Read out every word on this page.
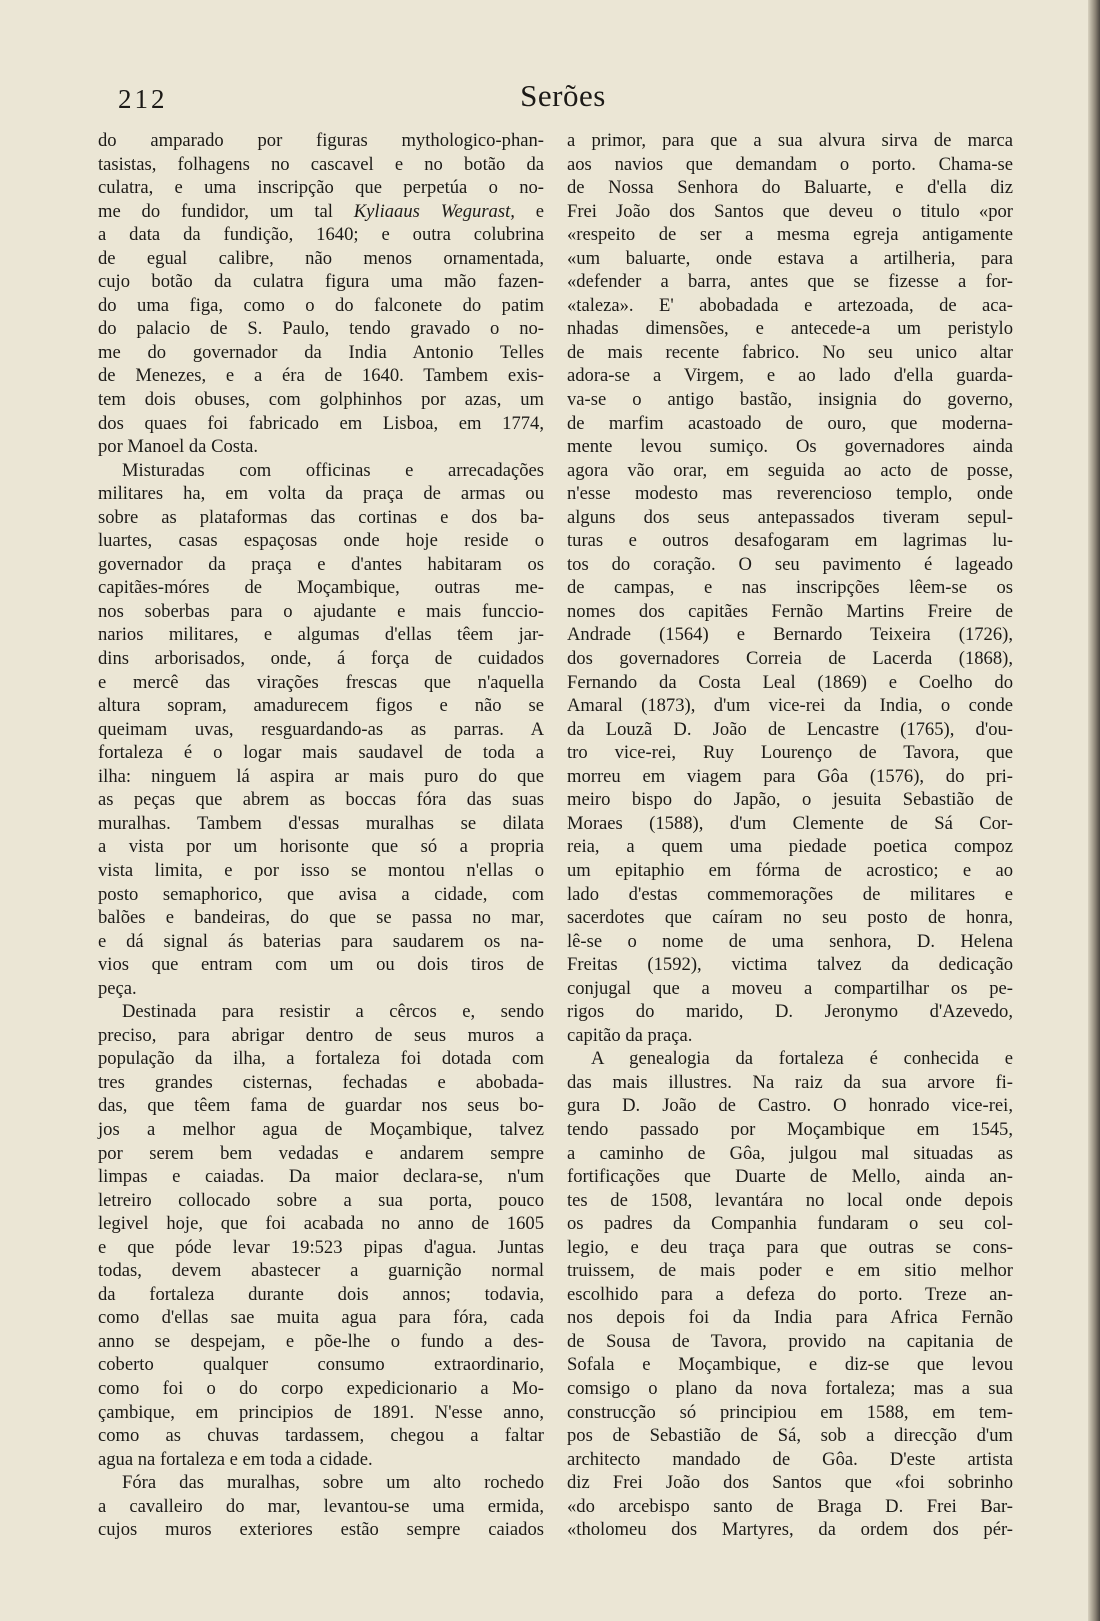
212	Serões
do amparado por figuras mythologico-phan-
tasistas, folhagens no cascavel e no botão da
culatra, e uma inscripção que perpetúa o no-
me do fundidor, um tal Kyliaaus Wegurast, e
a data da fundição, 1640; e outra colubrina
de egual calibre, não menos ornamentada,
cujo botão da culatra figura uma mão fazen-
do uma figa, como o do falconete do patim
do palacio de S. Paulo, tendo gravado o no-
me do governador da India Antonio Telles
de Menezes, e a éra de 1640. Tambem exis-
tem dois obuses, com golphinhos por azas, um
dos quaes foi fabricado em Lisboa, em 1774,
por Manoel da Costa.
Misturadas com officinas e arrecadações
militares ha, em volta da praça de armas ou
sobre as plataformas das cortinas e dos ba-
luartes, casas espaçosas onde hoje reside o
governador da praça e d'antes habitaram os
capitães-móres de Moçambique, outras me-
nos soberbas para o ajudante e mais funccio-
narios militares, e algumas d'ellas têem jar-
dins arborisados, onde, á força de cuidados
e mercê das virações frescas que n'aquella
altura sopram, amadurecem figos e não se
queimam uvas, resguardando-as as parras. A
fortaleza é o logar mais saudavel de toda a
ilha: ninguem lá aspira ar mais puro do que
as peças que abrem as boccas fóra das suas
muralhas. Tambem d'essas muralhas se dilata
a vista por um horisonte que só a propria
vista limita, e por isso se montou n'ellas o
posto semaphorico, que avisa a cidade, com
balões e bandeiras, do que se passa no mar,
e dá signal ás baterias para saudarem os na-
vios que entram com um ou dois tiros de
peça.
Destinada para resistir a cêrcos e, sendo
preciso, para abrigar dentro de seus muros a
população da ilha, a fortaleza foi dotada com
tres grandes cisternas, fechadas e abobada-
das, que têem fama de guardar nos seus bo-
jos a melhor agua de Moçambique, talvez
por serem bem vedadas e andarem sempre
limpas e caiadas. Da maior declara-se, n'um
letreiro collocado sobre a sua porta, pouco
legivel hoje, que foi acabada no anno de 1605
e que póde levar 19:523 pipas d'agua. Juntas
todas, devem abastecer a guarnição normal
da fortaleza durante dois annos; todavia,
como d'ellas sae muita agua para fóra, cada
anno se despejam, e põe-lhe o fundo a des-
coberto qualquer consumo extraordinario,
como foi o do corpo expedicionario a Mo-
çambique, em principios de 1891. N'esse anno,
como as chuvas tardassem, chegou a faltar
agua na fortaleza e em toda a cidade.
Fóra das muralhas, sobre um alto rochedo
a cavalleiro do mar, levantou-se uma ermida,
cujos muros exteriores estão sempre caiados
a primor, para que a sua alvura sirva de marca
aos navios que demandam o porto. Chama-se
de Nossa Senhora do Baluarte, e d'ella diz
Frei João dos Santos que deveu o titulo «por
«respeito de ser a mesma egreja antigamente
«um baluarte, onde estava a artilheria, para
«defender a barra, antes que se fizesse a for-
«taleza». E' abobadada e artezoada, de aca-
nhadas dimensões, e antecede-a um peristylo
de mais recente fabrico. No seu unico altar
adora-se a Virgem, e ao lado d'ella guarda-
va-se o antigo bastão, insignia do governo,
de marfim acastoado de ouro, que moderna-
mente levou sumiço. Os governadores ainda
agora vão orar, em seguida ao acto de posse,
n'esse modesto mas reverencioso templo, onde
alguns dos seus antepassados tiveram sepul-
turas e outros desafogaram em lagrimas lu-
tos do coração. O seu pavimento é lageado
de campas, e nas inscripções lêem-se os
nomes dos capitães Fernão Martins Freire de
Andrade (1564) e Bernardo Teixeira (1726),
dos governadores Correia de Lacerda (1868),
Fernando da Costa Leal (1869) e Coelho do
Amaral (1873), d'um vice-rei da India, o conde
da Louzã D. João de Lencastre (1765), d'ou-
tro vice-rei, Ruy Lourenço de Tavora, que
morreu em viagem para Gôa (1576), do pri-
meiro bispo do Japão, o jesuita Sebastião de
Moraes (1588), d'um Clemente de Sá Cor-
reia, a quem uma piedade poetica compoz
um epitaphio em fórma de acrostico; e ao
lado d'estas commemorações de militares e
sacerdotes que caíram no seu posto de honra,
lê-se o nome de uma senhora, D. Helena
Freitas (1592), victima talvez da dedicação
conjugal que a moveu a compartilhar os pe-
rigos do marido, D. Jeronymo d'Azevedo,
capitão da praça.
A genealogia da fortaleza é conhecida e
das mais illustres. Na raiz da sua arvore fi-
gura D. João de Castro. O honrado vice-rei,
tendo passado por Moçambique em 1545,
a caminho de Gôa, julgou mal situadas as
fortificações que Duarte de Mello, ainda an-
tes de 1508, levantára no local onde depois
os padres da Companhia fundaram o seu col-
legio, e deu traça para que outras se cons-
truissem, de mais poder e em sitio melhor
escolhido para a defeza do porto. Treze an-
nos depois foi da India para Africa Fernão
de Sousa de Tavora, provido na capitania de
Sofala e Moçambique, e diz-se que levou
comsigo o plano da nova fortaleza; mas a sua
construcção só principiou em 1588, em tem-
pos de Sebastião de Sá, sob a direcção d'um
architecto mandado de Gôa. D'este artista
diz Frei João dos Santos que «foi sobrinho
«do arcebispo santo de Braga D. Frei Bar-
«tholomeu dos Martyres, da ordem dos pér-
